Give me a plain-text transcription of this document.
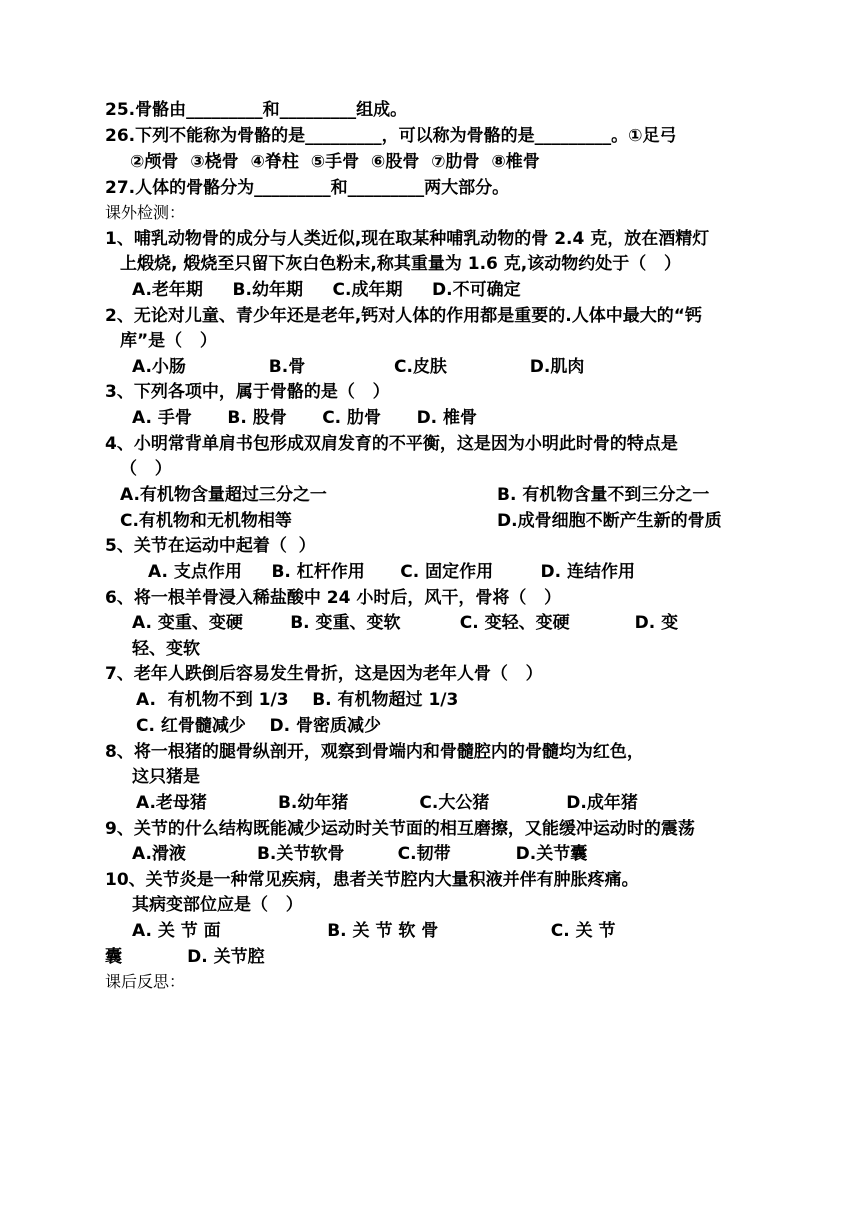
25.骨骼由_________和_________组成。
26.下列不能称为骨骼的是_________，可以称为骨骼的是_________。①足弓
②颅骨  ③桡骨  ④脊柱  ⑤手骨  ⑥股骨  ⑦肋骨  ⑧椎骨
27.人体的骨骼分为_________和_________两大部分。
课外检测：
1、哺乳动物骨的成分与人类近似,现在取某种哺乳动物的骨 2.4 克，放在酒精灯
上煅烧, 煅烧至只留下灰白色粉末,称其重量为 1.6 克,该动物约处于（   ）
A.老年期     B.幼年期     C.成年期     D.不可确定
2、无论对儿童、青少年还是老年,钙对人体的作用都是重要的.人体中最大的“钙
库”是（   ）
A.小肠              B.骨               C.皮肤              D.肌肉
3、下列各项中，属于骨骼的是（   ）
A. 手骨      B. 股骨      C. 肋骨      D. 椎骨
4、小明常背单肩书包形成双肩发育的不平衡，这是因为小明此时骨的特点是
（   ）
A.有机物含量超过三分之一	B. 有机物含量不到三分之一
C.有机物和无机物相等	D.成骨细胞不断产生新的骨质
5、关节在运动中起着（  ）
A. 支点作用     B. 杠杆作用      C. 固定作用        D. 连结作用
6、将一根羊骨浸入稀盐酸中 24 小时后，风干，骨将（   ）
A. 变重、变硬        B. 变重、变软          C. 变轻、变硬           D. 变
轻、变软
7、老年人跌倒后容易发生骨折，这是因为老年人骨（   ）
A.  有机物不到 1/3    B. 有机物超过 1/3
C. 红骨髓减少    D. 骨密质减少
8、将一根猪的腿骨纵剖开，观察到骨端内和骨髓腔内的骨髓均为红色，
这只猪是
A.老母猪            B.幼年猪            C.大公猪             D.成年猪
9、关节的什么结构既能减少运动时关节面的相互磨擦，又能缓冲运动时的震荡
A.滑液            B.关节软骨         C.韧带           D.关节囊
10、关节炎是一种常见疾病，患者关节腔内大量积液并伴有肿胀疼痛。
其病变部位应是（   ）
A. 关 节 面                  B. 关 节 软 骨                   C. 关 节
囊           D. 关节腔
课后反思：
